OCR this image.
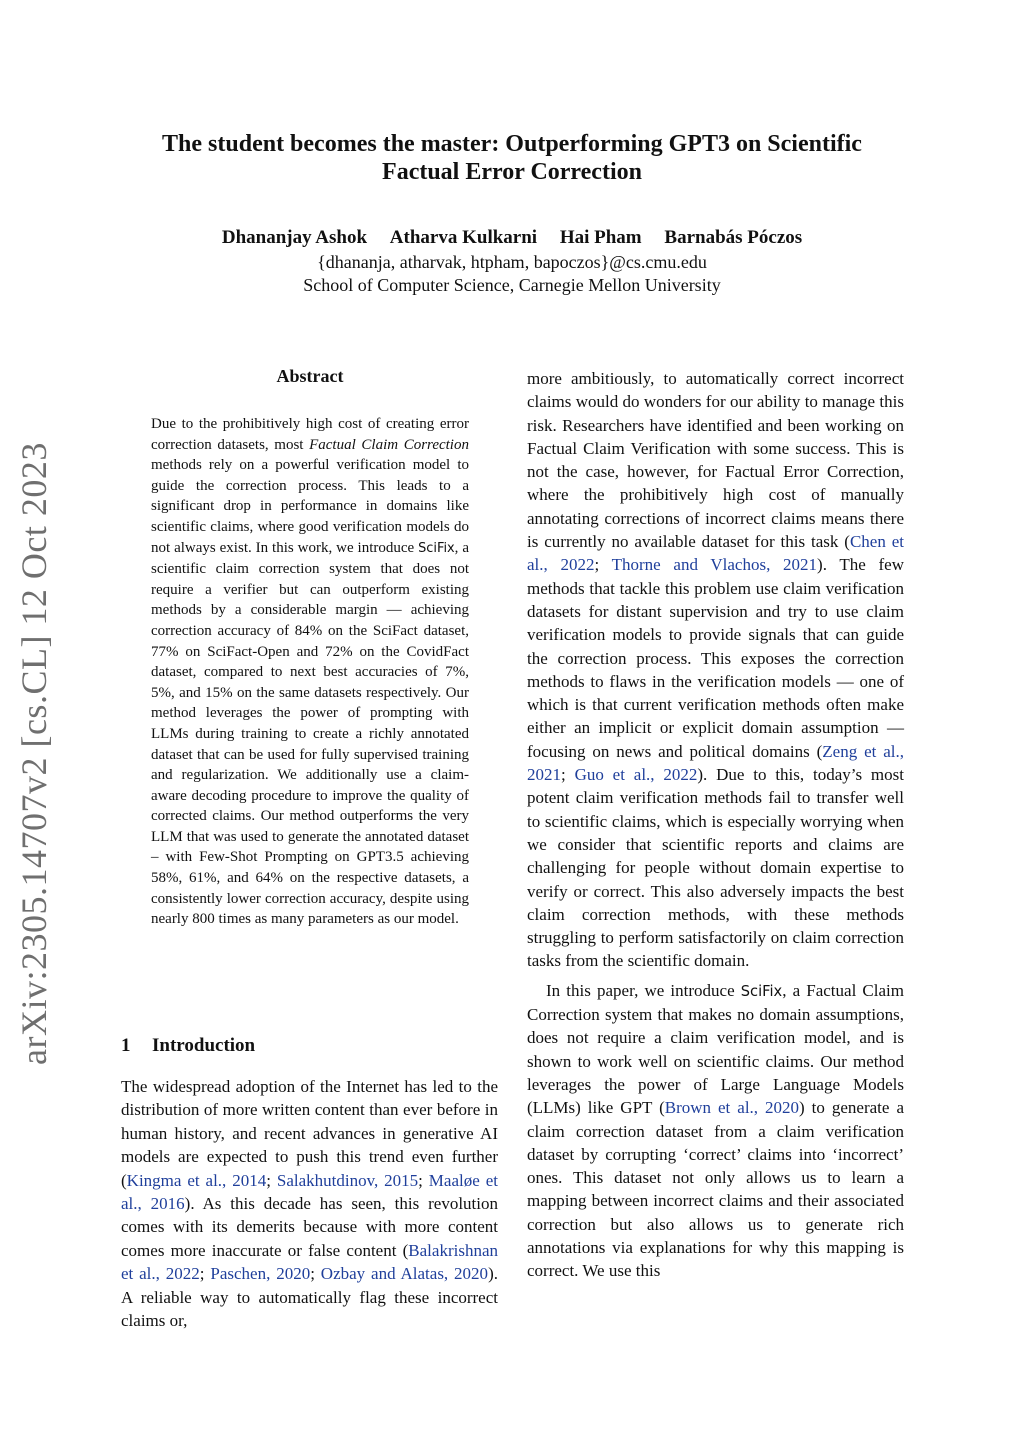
The student becomes the master: Outperforming GPT3 on Scientific
Factual Error Correction
Dhananjay Ashok Atharva Kulkarni Hai Pham Barnabás Póczos
{dhananja, atharvak, htpham, bapoczos}@cs.cmu.edu
School of Computer Science, Carnegie Mellon University
arXiv:2305.14707v2 [cs.CL] 12 Oct 2023
Abstract
Due to the prohibitively high cost of creating error correction datasets, most Factual Claim Correction methods rely on a powerful verification model to guide the correction process. This leads to a significant drop in performance in domains like scientific claims, where good verification models do not always exist. In this work, we introduce SciFix, a scientific claim correction system that does not require a verifier but can outperform existing methods by a considerable margin — achieving correction accuracy of 84% on the SciFact dataset, 77% on SciFact-Open and 72% on the CovidFact dataset, compared to next best accuracies of 7%, 5%, and 15% on the same datasets respectively. Our method leverages the power of prompting with LLMs during training to create a richly annotated dataset that can be used for fully supervised training and regularization. We additionally use a claim-aware decoding procedure to improve the quality of corrected claims. Our method outperforms the very LLM that was used to generate the annotated dataset – with Few-Shot Prompting on GPT3.5 achieving 58%, 61%, and 64% on the respective datasets, a consistently lower correction accuracy, despite using nearly 800 times as many parameters as our model.
1 Introduction

The widespread adoption of the Internet has led to the distribution of more written content than ever before in human history, and recent advances in generative AI models are expected to push this trend even further (Kingma et al., 2014; Salakhutdinov, 2015; Maaløe et al., 2016). As this decade has seen, this revolution comes with its demerits because with more content comes more inaccurate or false content (Balakrishnan et al., 2022; Paschen, 2020; Ozbay and Alatas, 2020). A reliable way to automatically flag these incorrect claims or,

more ambitiously, to automatically correct incorrect claims would do wonders for our ability to manage this risk. Researchers have identified and been working on Factual Claim Verification with some success. This is not the case, however, for Factual Error Correction, where the prohibitively high cost of manually annotating corrections of incorrect claims means there is currently no available dataset for this task (Chen et al., 2022; Thorne and Vlachos, 2021). The few methods that tackle this problem use claim verification datasets for distant supervision and try to use claim verification models to provide signals that can guide the correction process. This exposes the correction methods to flaws in the verification models — one of which is that current verification methods often make either an implicit or explicit domain assumption — focusing on news and political domains (Zeng et al., 2021; Guo et al., 2022). Due to this, today’s most potent claim verification methods fail to transfer well to scientific claims, which is especially worrying when we consider that scientific reports and claims are challenging for people without domain expertise to verify or correct. This also adversely impacts the best claim correction methods, with these methods struggling to perform satisfactorily on claim correction tasks from the scientific domain.

In this paper, we introduce SciFix, a Factual Claim Correction system that makes no domain assumptions, does not require a claim verification model, and is shown to work well on scientific claims. Our method leverages the power of Large Language Models (LLMs) like GPT (Brown et al., 2020) to generate a claim correction dataset from a claim verification dataset by corrupting ‘correct’ claims into ‘incorrect’ ones. This dataset not only allows us to learn a mapping between incorrect claims and their associated correction but also allows us to generate rich annotations via explanations for why this mapping is correct. We use this
